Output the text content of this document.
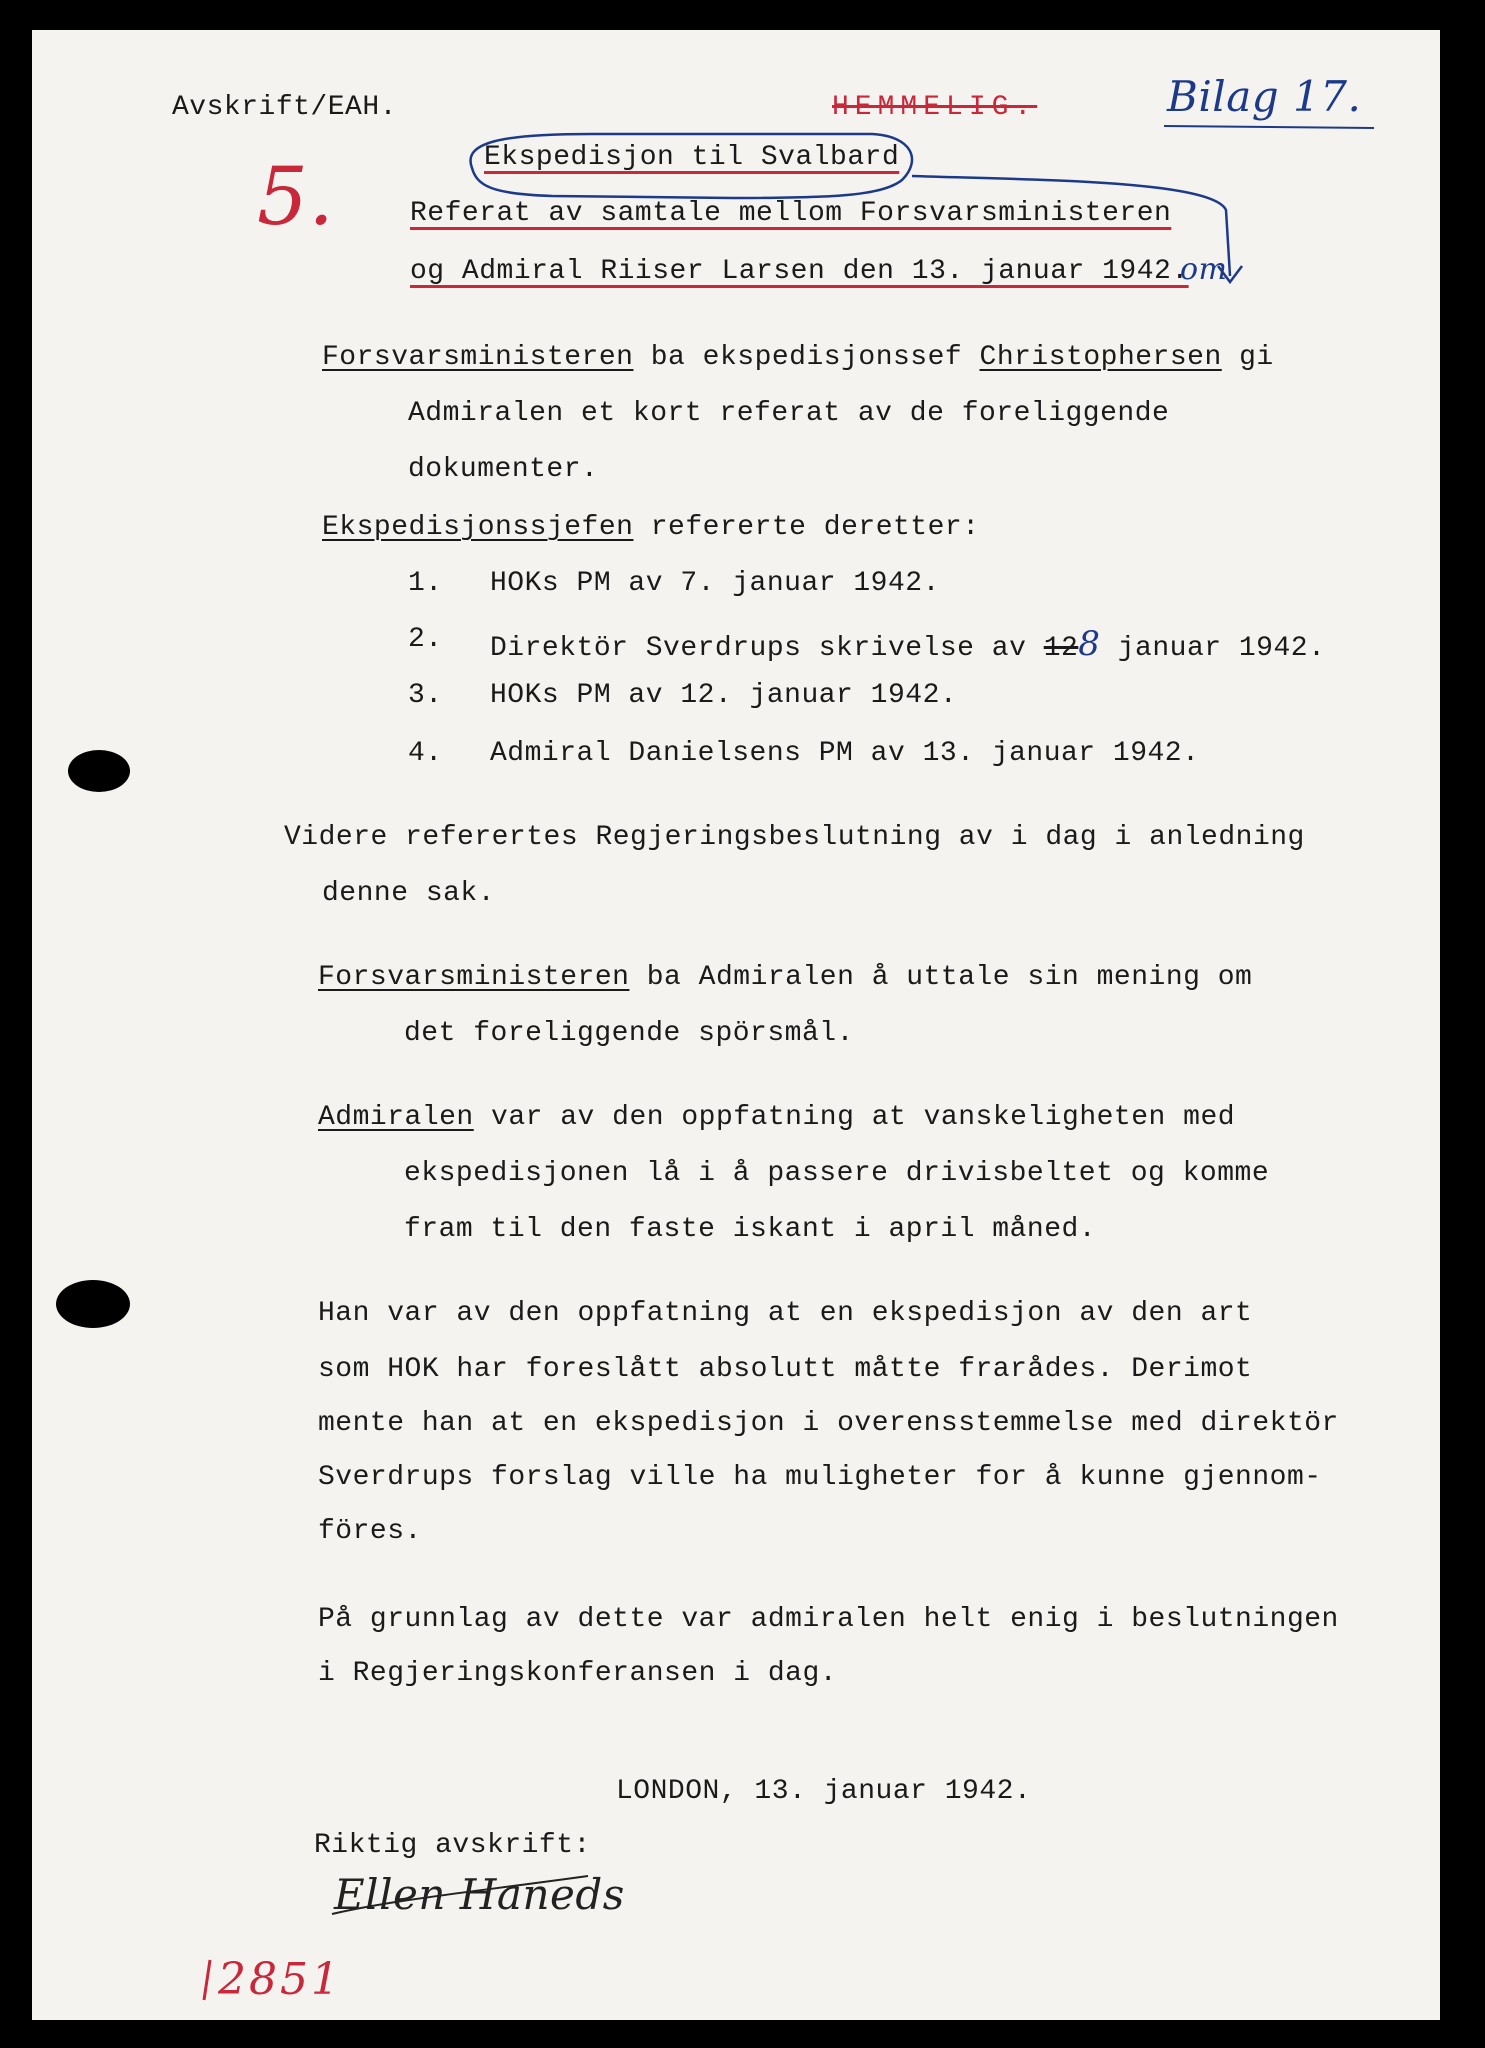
Avskrift/EAH.	HEMMELIG.	Bilag 17.
5.	Ekspedisjon til Svalbard
Referat av samtale mellom Forsvarsministeren
og Admiral Riiser Larsen den 13. januar 1942.
om
Forsvarsministeren ba ekspedisjonssef Christophersen gi
Admiralen et kort referat av de foreliggende
dokumenter.
Ekspedisjonssjefen refererte deretter:
1. HOKs PM av 7. januar 1942.
2. Direktör Sverdrups skrivelse av 128 januar 1942.
3. HOKs PM av 12. januar 1942.
4. Admiral Danielsens PM av 13. januar 1942.
Videre referertes Regjeringsbeslutning av i dag i anledning
denne sak.
Forsvarsministeren ba Admiralen å uttale sin mening om
det foreliggende spörsmål.
Admiralen var av den oppfatning at vanskeligheten med
ekspedisjonen lå i å passere drivisbeltet og komme
fram til den faste iskant i april måned.
Han var av den oppfatning at en ekspedisjon av den art
som HOK har foreslått absolutt måtte frarådes. Derimot
mente han at en ekspedisjon i overensstemmelse med direktör
Sverdrups forslag ville ha muligheter for å kunne gjennom-
föres.
På grunnlag av dette var admiralen helt enig i beslutningen
i Regjeringskonferansen i dag.
LONDON, 13. januar 1942.
Riktig avskrift:
Ellen Haneds
2851
